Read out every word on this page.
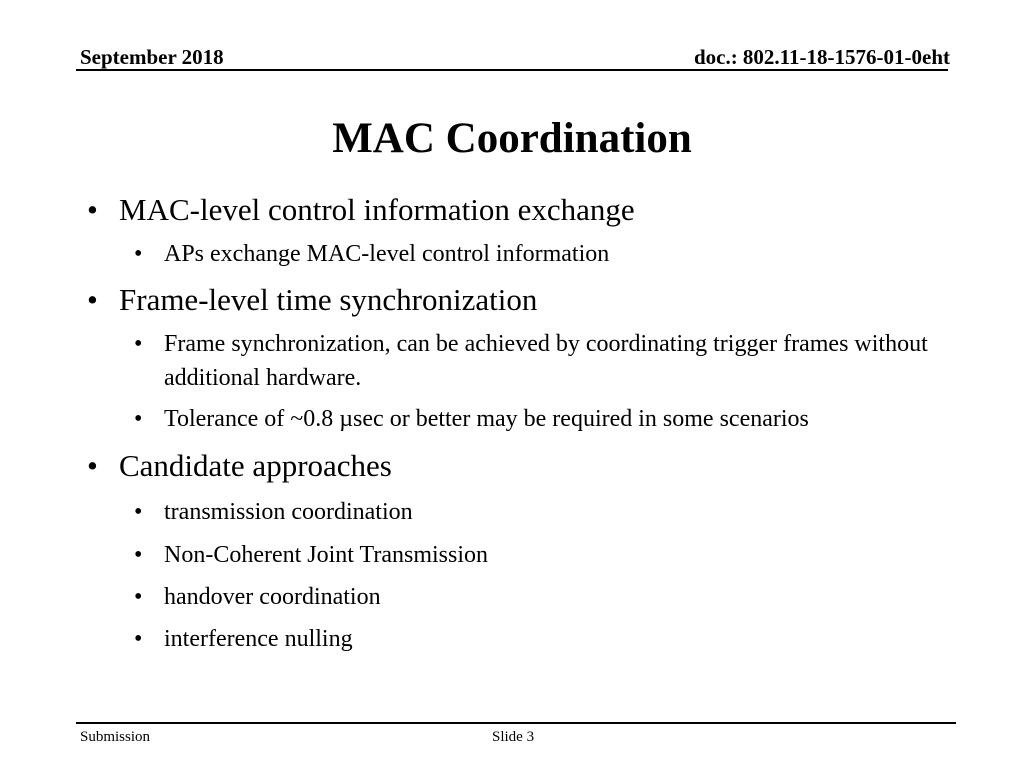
September 2018	doc.: 802.11-18-1576-01-0eht
MAC Coordination
• MAC-level control information exchange
• APs exchange MAC-level control information
• Frame-level time synchronization
• Frame synchronization, can be achieved by coordinating trigger frames without additional hardware.
• Tolerance of ~0.8 µsec or better may be required in some scenarios
• Candidate approaches
• transmission coordination
• Non-Coherent Joint Transmission
• handover coordination
• interference nulling
Submission	Slide 3
